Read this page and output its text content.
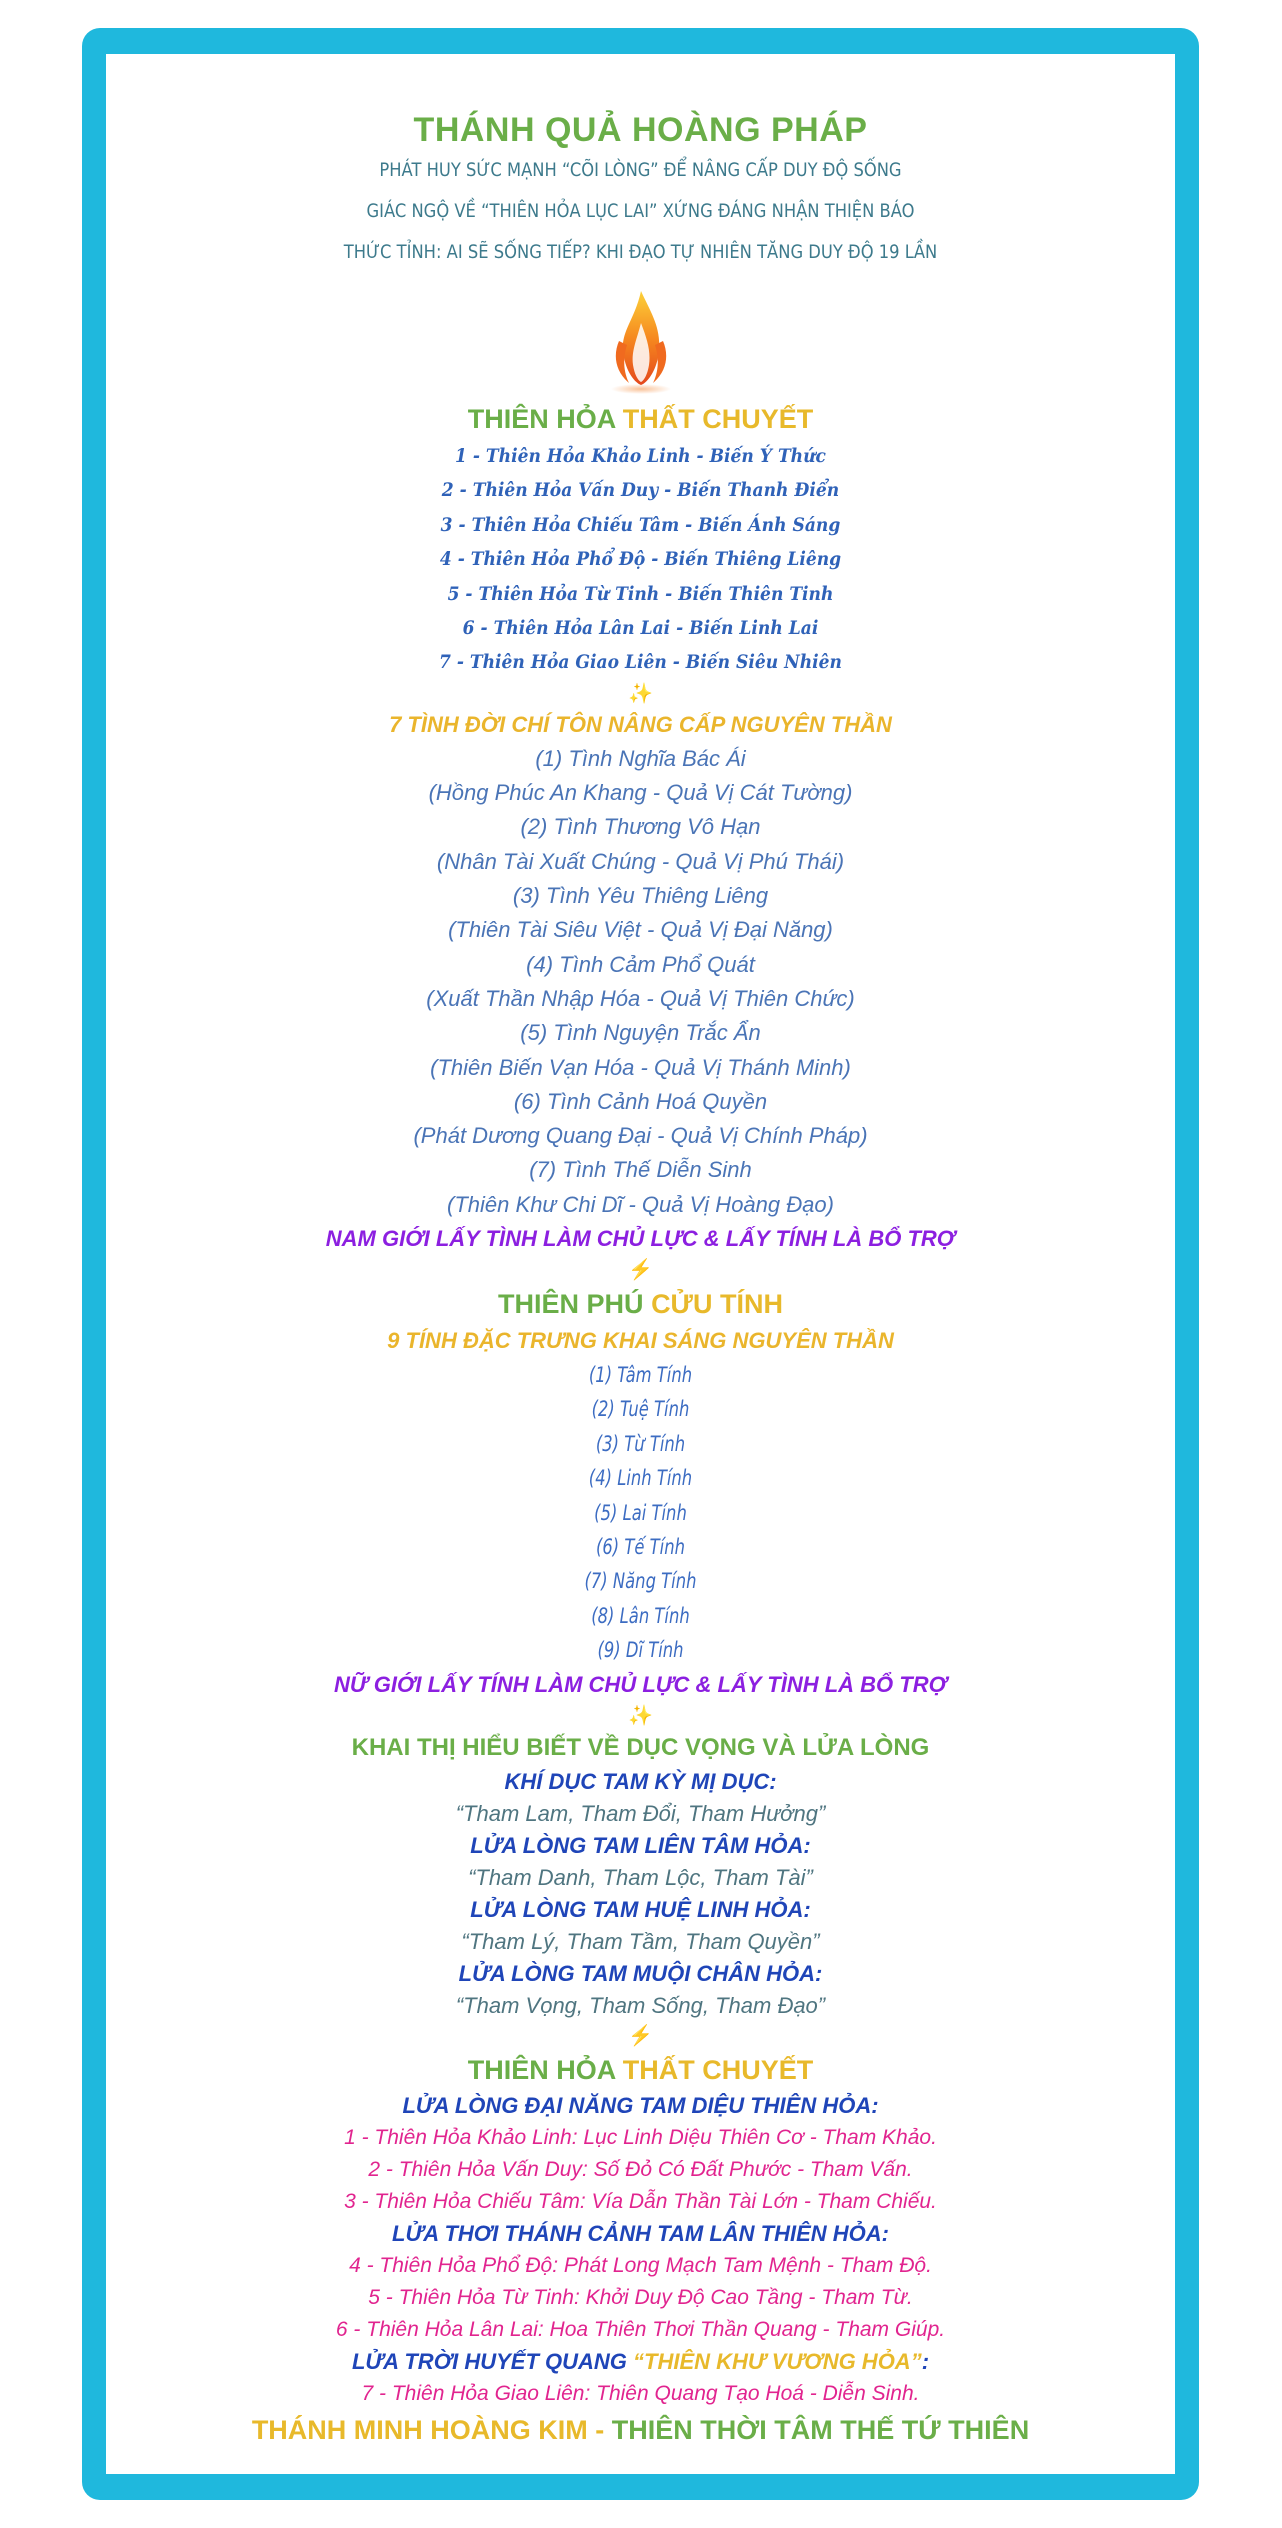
THÁNH QUẢ HOÀNG PHÁP

PHÁT HUY SỨC MẠNH “CÕI LÒNG” ĐỂ NÂNG CẤP DUY ĐỘ SỐNG

GIÁC NGỘ VỀ “THIÊN HỎA LỤC LAI” XỨNG ĐÁNG NHẬN THIỆN BÁO

THỨC TỈNH: AI SẼ SỐNG TIẾP? KHI ĐẠO TỰ NHIÊN TĂNG DUY ĐỘ 19 LẦN

THIÊN HỎA THẤT CHUYẾT

1 - Thiên Hỏa Khảo Linh - Biến Ý Thức

2 - Thiên Hỏa Vấn Duy - Biến Thanh Điển

3 - Thiên Hỏa Chiếu Tâm - Biến Ánh Sáng

4 - Thiên Hỏa Phổ Độ - Biến Thiêng Liêng

5 - Thiên Hỏa Từ Tinh - Biến Thiên Tinh

6 - Thiên Hỏa Lân Lai - Biến Linh Lai

7 - Thiên Hỏa Giao Liên - Biến Siêu Nhiên

✨

7 TÌNH ĐỜI CHÍ TÔN NÂNG CẤP NGUYÊN THẦN

(1) Tình Nghĩa Bác Ái

(Hồng Phúc An Khang - Quả Vị Cát Tường)

(2) Tình Thương Vô Hạn

(Nhân Tài Xuất Chúng - Quả Vị Phú Thái)

(3) Tình Yêu Thiêng Liêng

(Thiên Tài Siêu Việt - Quả Vị Đại Năng)

(4) Tình Cảm Phổ Quát

(Xuất Thần Nhập Hóa - Quả Vị Thiên Chức)

(5) Tình Nguyện Trắc Ẩn

(Thiên Biến Vạn Hóa - Quả Vị Thánh Minh)

(6) Tình Cảnh Hoá Quyền

(Phát Dương Quang Đại - Quả Vị Chính Pháp)

(7) Tình Thế Diễn Sinh

(Thiên Khư Chi Dĩ - Quả Vị Hoàng Đạo)

NAM GIỚI LẤY TÌNH LÀM CHỦ LỰC & LẤY TÍNH LÀ BỔ TRỢ

⚡

THIÊN PHÚ CỬU TÍNH

9 TÍNH ĐẶC TRƯNG KHAI SÁNG NGUYÊN THẦN

(1) Tâm Tính

(2) Tuệ Tính

(3) Từ Tính

(4) Linh Tính

(5) Lai Tính

(6) Tế Tính

(7) Năng Tính

(8) Lân Tính

(9) Dĩ Tính

NỮ GIỚI LẤY TÍNH LÀM CHỦ LỰC & LẤY TÌNH LÀ BỔ TRỢ

✨

KHAI THỊ HIỂU BIẾT VỀ DỤC VỌNG VÀ LỬA LÒNG

KHÍ DỤC TAM KỲ MỊ DỤC:

“Tham Lam, Tham Đổi, Tham Hưởng”

LỬA LÒNG TAM LIÊN TÂM HỎA:

“Tham Danh, Tham Lộc, Tham Tài”

LỬA LÒNG TAM HUỆ LINH HỎA:

“Tham Lý, Tham Tầm, Tham Quyền”

LỬA LÒNG TAM MUỘI CHÂN HỎA:

“Tham Vọng, Tham Sống, Tham Đạo”

⚡

THIÊN HỎA THẤT CHUYẾT

LỬA LÒNG ĐẠI NĂNG TAM DIỆU THIÊN HỎA:

1 - Thiên Hỏa Khảo Linh: Lục Linh Diệu Thiên Cơ - Tham Khảo.

2 - Thiên Hỏa Vấn Duy: Số Đỏ Có Đất Phước - Tham Vấn.

3 - Thiên Hỏa Chiếu Tâm: Vía Dẫn Thần Tài Lớn - Tham Chiếu.

LỬA THƠI THÁNH CẢNH TAM LÂN THIÊN HỎA:

4 - Thiên Hỏa Phổ Độ: Phát Long Mạch Tam Mệnh - Tham Độ.

5 - Thiên Hỏa Từ Tinh: Khởi Duy Độ Cao Tầng - Tham Từ.

6 - Thiên Hỏa Lân Lai: Hoa Thiên Thơi Thần Quang - Tham Giúp.

LỬA TRỜI HUYẾT QUANG “THIÊN KHƯ VƯƠNG HỎA”:

7 - Thiên Hỏa Giao Liên: Thiên Quang Tạo Hoá - Diễn Sinh.

THÁNH MINH HOÀNG KIM - THIÊN THỜI TÂM THẾ TỨ THIÊN
